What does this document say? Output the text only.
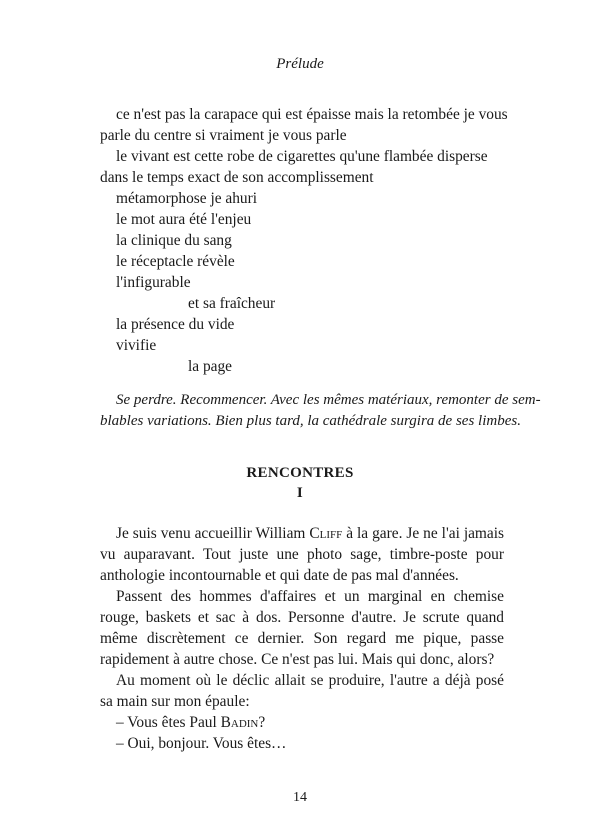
Prélude
ce n'est pas la carapace qui est épaisse mais la retombée je vous
parle du centre si vraiment je vous parle
le vivant est cette robe de cigarettes qu'une flambée disperse
dans le temps exact de son accomplissement
métamorphose je ahuri
le mot aura été l'enjeu
la clinique du sang
le réceptacle révèle
l'infigurable
et sa fraîcheur
la présence du vide
vivifie
la page
Se perdre. Recommencer. Avec les mêmes matériaux, remonter de sem-
blables variations. Bien plus tard, la cathédrale surgira de ses limbes.
RENCONTRES
I
Je suis venu accueillir William Cliff à la gare. Je ne l'ai jamais vu auparavant. Tout juste une photo sage, timbre-poste pour anthologie incontournable et qui date de pas mal d'années.
Passent des hommes d'affaires et un marginal en chemise rouge, baskets et sac à dos. Personne d'autre. Je scrute quand même discrètement ce dernier. Son regard me pique, passe rapidement à autre chose. Ce n'est pas lui. Mais qui donc, alors?
Au moment où le déclic allait se produire, l'autre a déjà posé sa main sur mon épaule:
– Vous êtes Paul Badin?
– Oui, bonjour. Vous êtes…
14
